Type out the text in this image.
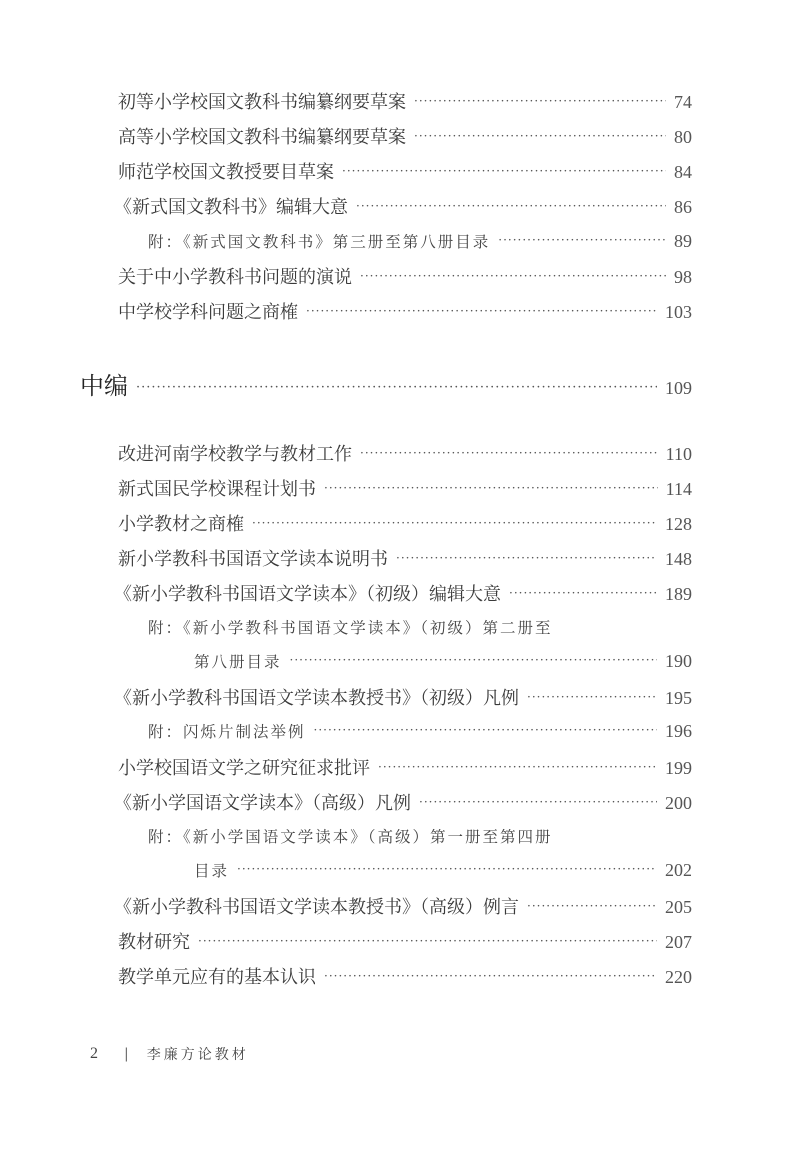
初等小学校国文教科书编纂纲要草案 ·····	74
高等小学校国文教科书编纂纲要草案 ·····	80
师范学校国文教授要目草案 ·····	84
《新式国文教科书》编辑大意 ·····	86
附：《新式国文教科书》第三册至第八册目录 ·····	89
关于中小学教科书问题的演说 ·····	98
中学校学科问题之商榷 ·····	103
中编 ·····	109
改进河南学校教学与教材工作 ·····	110
新式国民学校课程计划书 ·····	114
小学教材之商榷 ·····	128
新小学教科书国语文学读本说明书 ·····	148
《新小学教科书国语文学读本》（初级）编辑大意 ·····	189
附：《新小学教科书国语文学读本》（初级）第二册至
第八册目录 ·····	190
《新小学教科书国语文学读本教授书》（初级）凡例 ·····	195
附：闪烁片制法举例 ·····	196
小学校国语文学之研究征求批评 ·····	199
《新小学国语文学读本》（高级）凡例 ·····	200
附：《新小学国语文学读本》（高级）第一册至第四册
目录 ·····	202
《新小学教科书国语文学读本教授书》（高级）例言 ·····	205
教材研究 ·····	207
教学单元应有的基本认识 ·····	220
2 | 李廉方论教材
